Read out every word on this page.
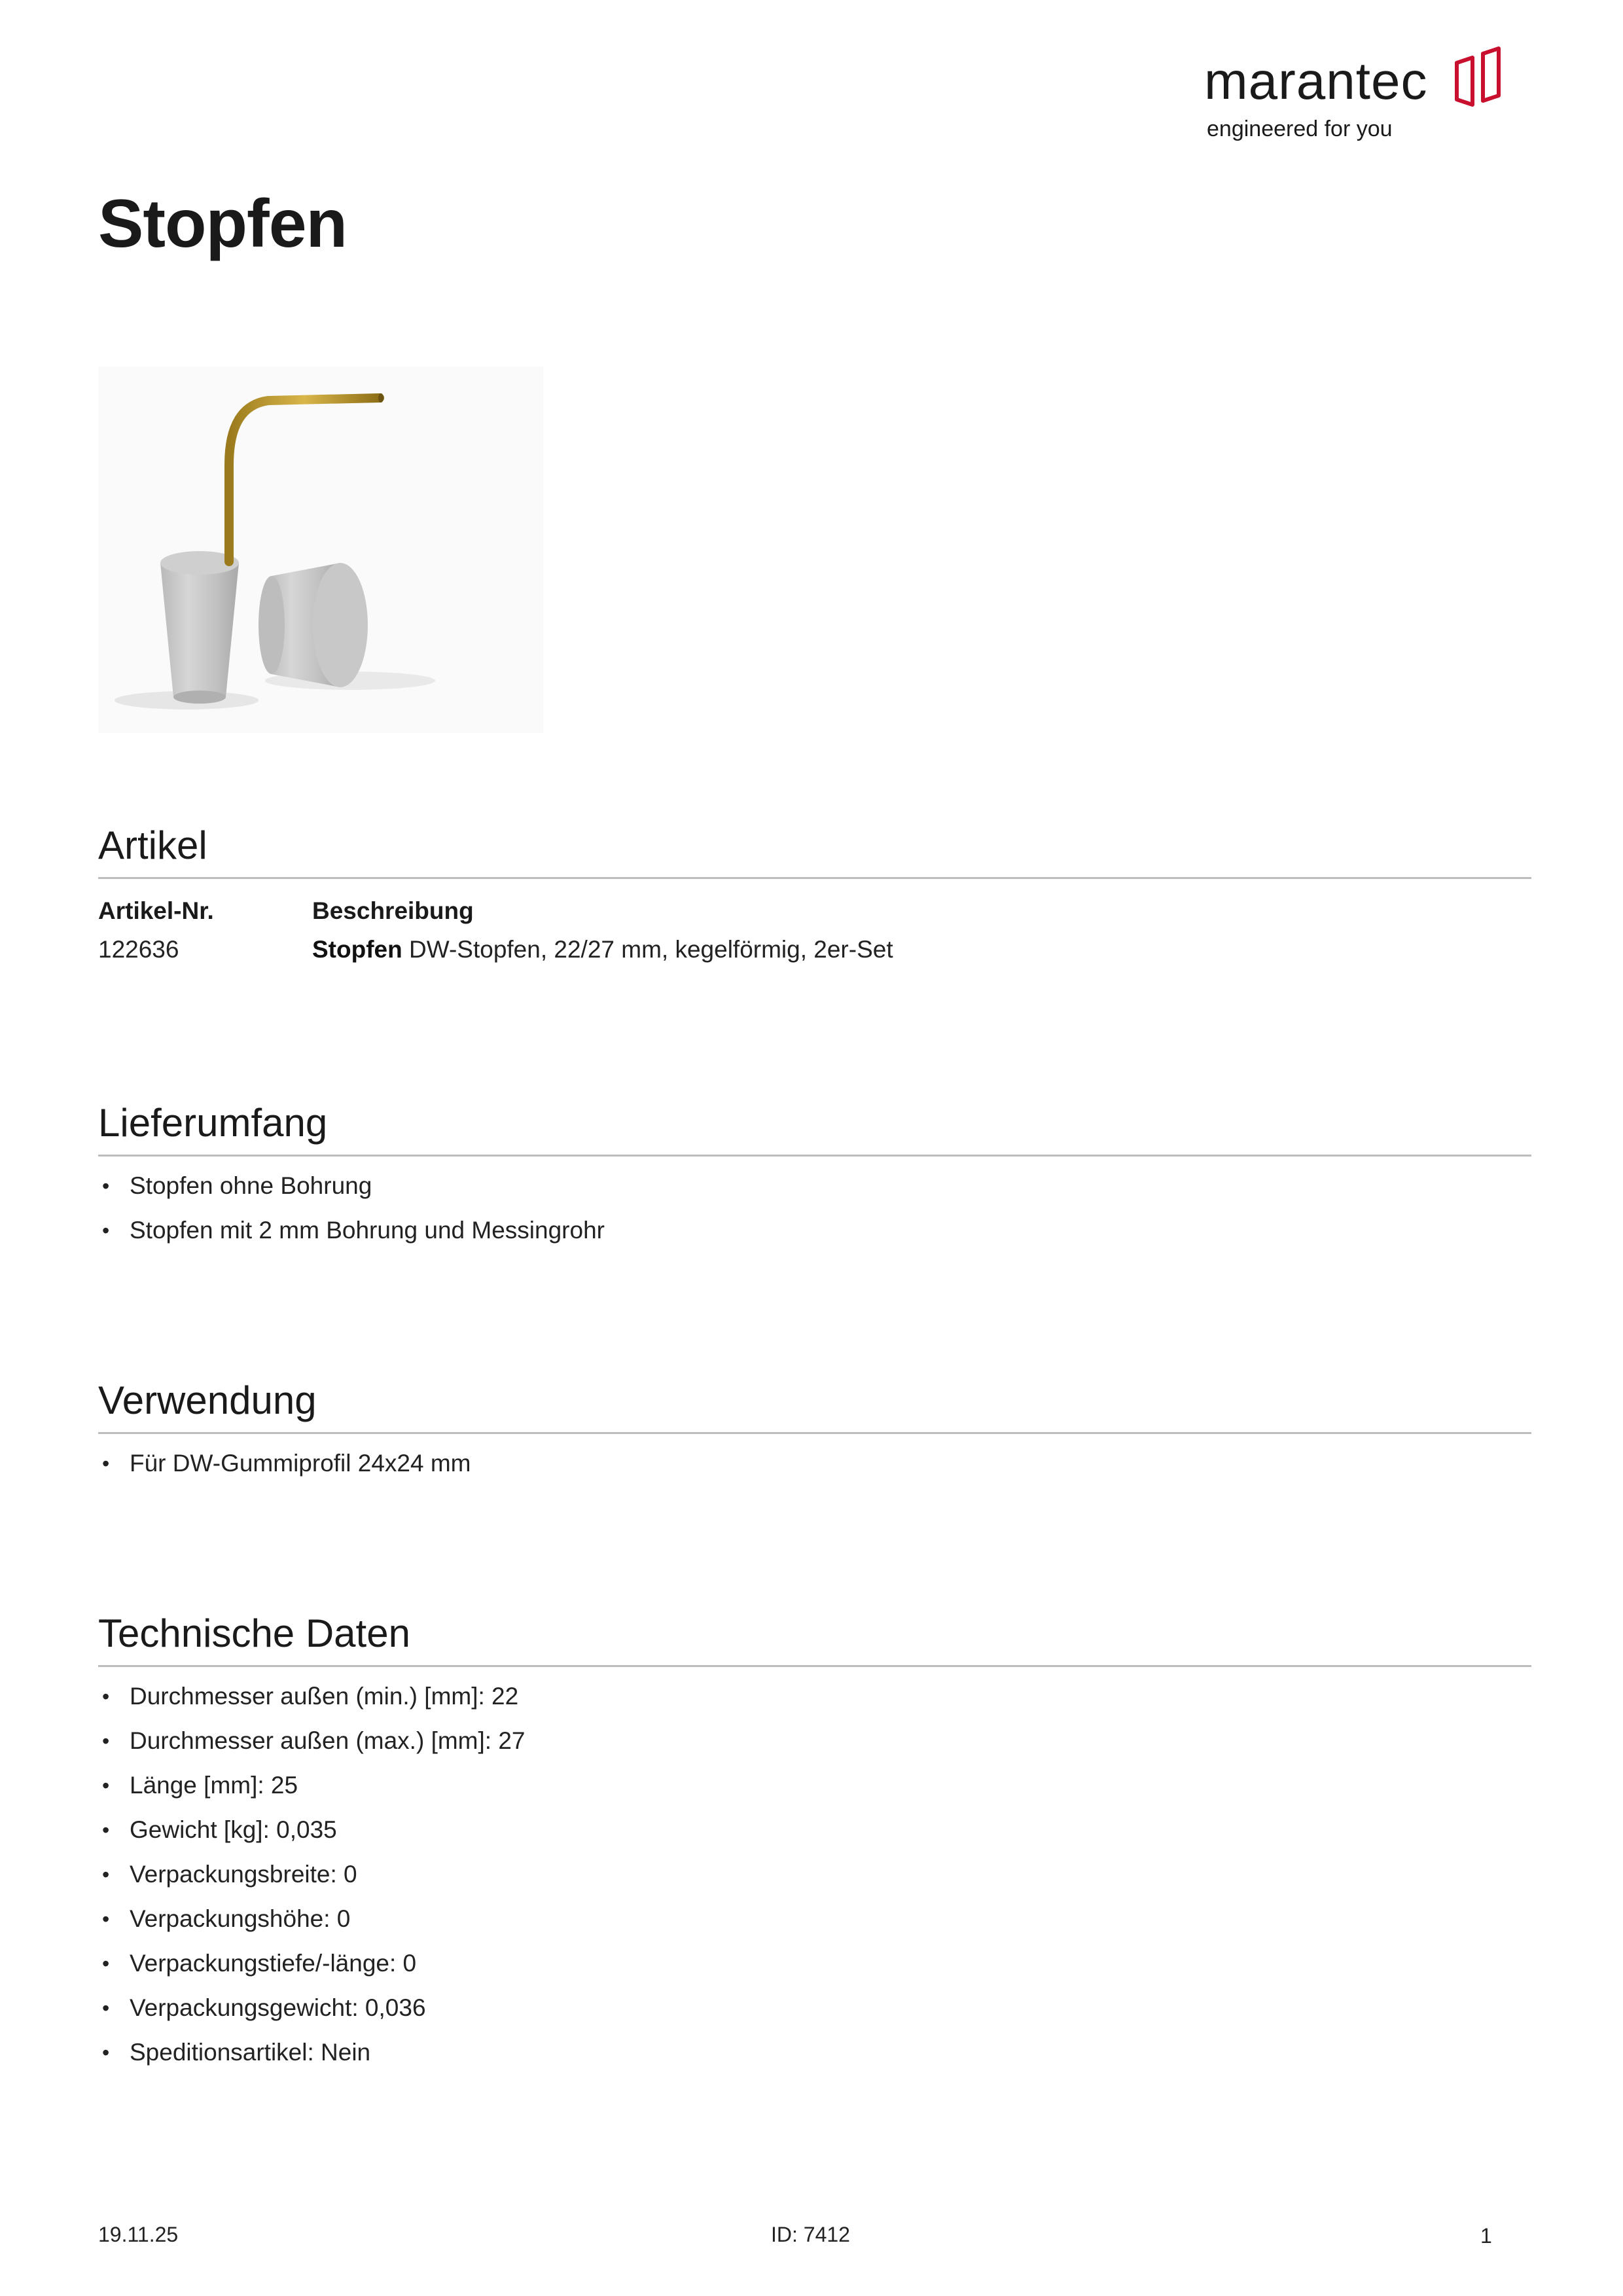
marantec
engineered for you
Stopfen
Artikel
Artikel-Nr.	Beschreibung
122636	Stopfen DW-Stopfen, 22/27 mm, kegelförmig, 2er-Set
Lieferumfang
• Stopfen ohne Bohrung
• Stopfen mit 2 mm Bohrung und Messingrohr
Verwendung
• Für DW-Gummiprofil 24x24 mm
Technische Daten
• Durchmesser außen (min.) [mm]: 22
• Durchmesser außen (max.) [mm]: 27
• Länge [mm]: 25
• Gewicht [kg]: 0,035
• Verpackungsbreite: 0
• Verpackungshöhe: 0
• Verpackungstiefe/-länge: 0
• Verpackungsgewicht: 0,036
• Speditionsartikel: Nein
19.11.25	ID: 7412	1
